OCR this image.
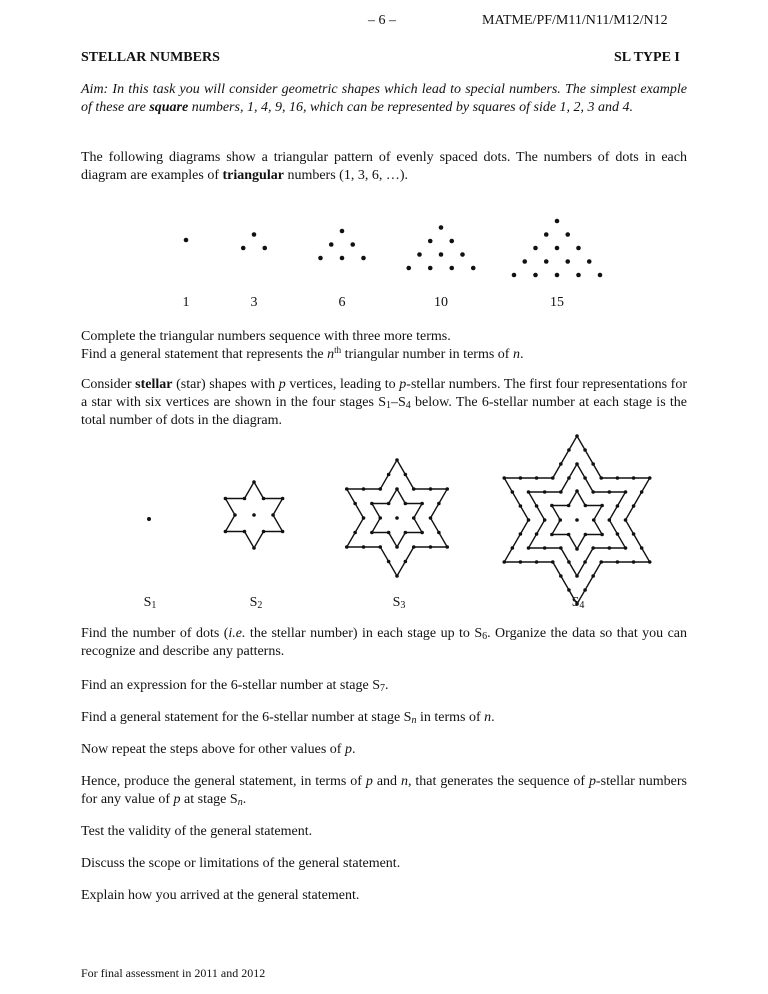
– 6 –	MATME/PF/M11/N11/M12/N12
STELLAR NUMBERS	SL TYPE I
Aim: In this task you will consider geometric shapes which lead to special numbers. The simplest example of these are square numbers, 1, 4, 9, 16, which can be represented by squares of side 1, 2, 3 and 4.
The following diagrams show a triangular pattern of evenly spaced dots. The numbers of dots in each diagram are examples of triangular numbers (1, 3, 6, …).
1	3	6	10	15
Complete the triangular numbers sequence with three more terms.
Find a general statement that represents the $n^{th}$ triangular number in terms of n.
Consider stellar (star) shapes with p vertices, leading to p-stellar numbers. The first four representations for a star with six vertices are shown in the four stages $S_1-S_4$ below. The 6-stellar number at each stage is the total number of dots in the diagram.
$S_1$	$S_2$	$S_3$	$S_4$
Find the number of dots (i.e. the stellar number) in each stage up to $S_6$. Organize the data so that you can recognize and describe any patterns.
Find an expression for the 6-stellar number at stage $S_7$.
Find a general statement for the 6-stellar number at stage $S_n$ in terms of n.
Now repeat the steps above for other values of p.
Hence, produce the general statement, in terms of p and n, that generates the sequence of p-stellar numbers for any value of p at stage $S_n$.
Test the validity of the general statement.
Discuss the scope or limitations of the general statement.
Explain how you arrived at the general statement.
For final assessment in 2011 and 2012
